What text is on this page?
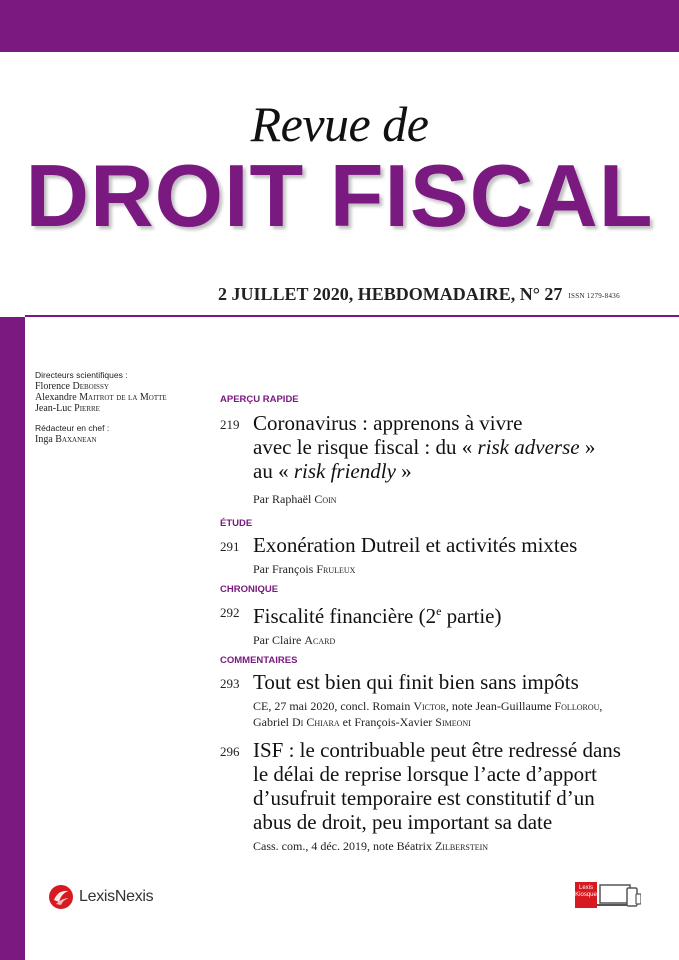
Revue de
DROIT FISCAL
2 JUILLET 2020, HEBDOMADAIRE, N° 27 ISSN 1279-8436
Directeurs scientifiques :
Florence Deboissy
Alexandre Maitrot de la Motte
Jean-Luc Pierre
Rédacteur en chef :
Inga Baxanean
APERÇU RAPIDE
219 Coronavirus : apprenons à vivre
avec le risque fiscal : du « risk adverse »
au « risk friendly »
Par Raphaël Coin
ÉTUDE
291 Exonération Dutreil et activités mixtes
Par François Fruleux
CHRONIQUE
292 Fiscalité financière (2e partie)
Par Claire Acard
COMMENTAIRES
293 Tout est bien qui finit bien sans impôts
CE, 27 mai 2020, concl. Romain Victor, note Jean-Guillaume Follorou,
Gabriel Di Chiara et François-Xavier Simeoni
296 ISF : le contribuable peut être redressé dans
le délai de reprise lorsque l’acte d’apport
d’usufruit temporaire est constitutif d’un
abus de droit, peu important sa date
Cass. com., 4 déc. 2019, note Béatrix Zilberstein
LexisNexis	Lexis
Kiosque
